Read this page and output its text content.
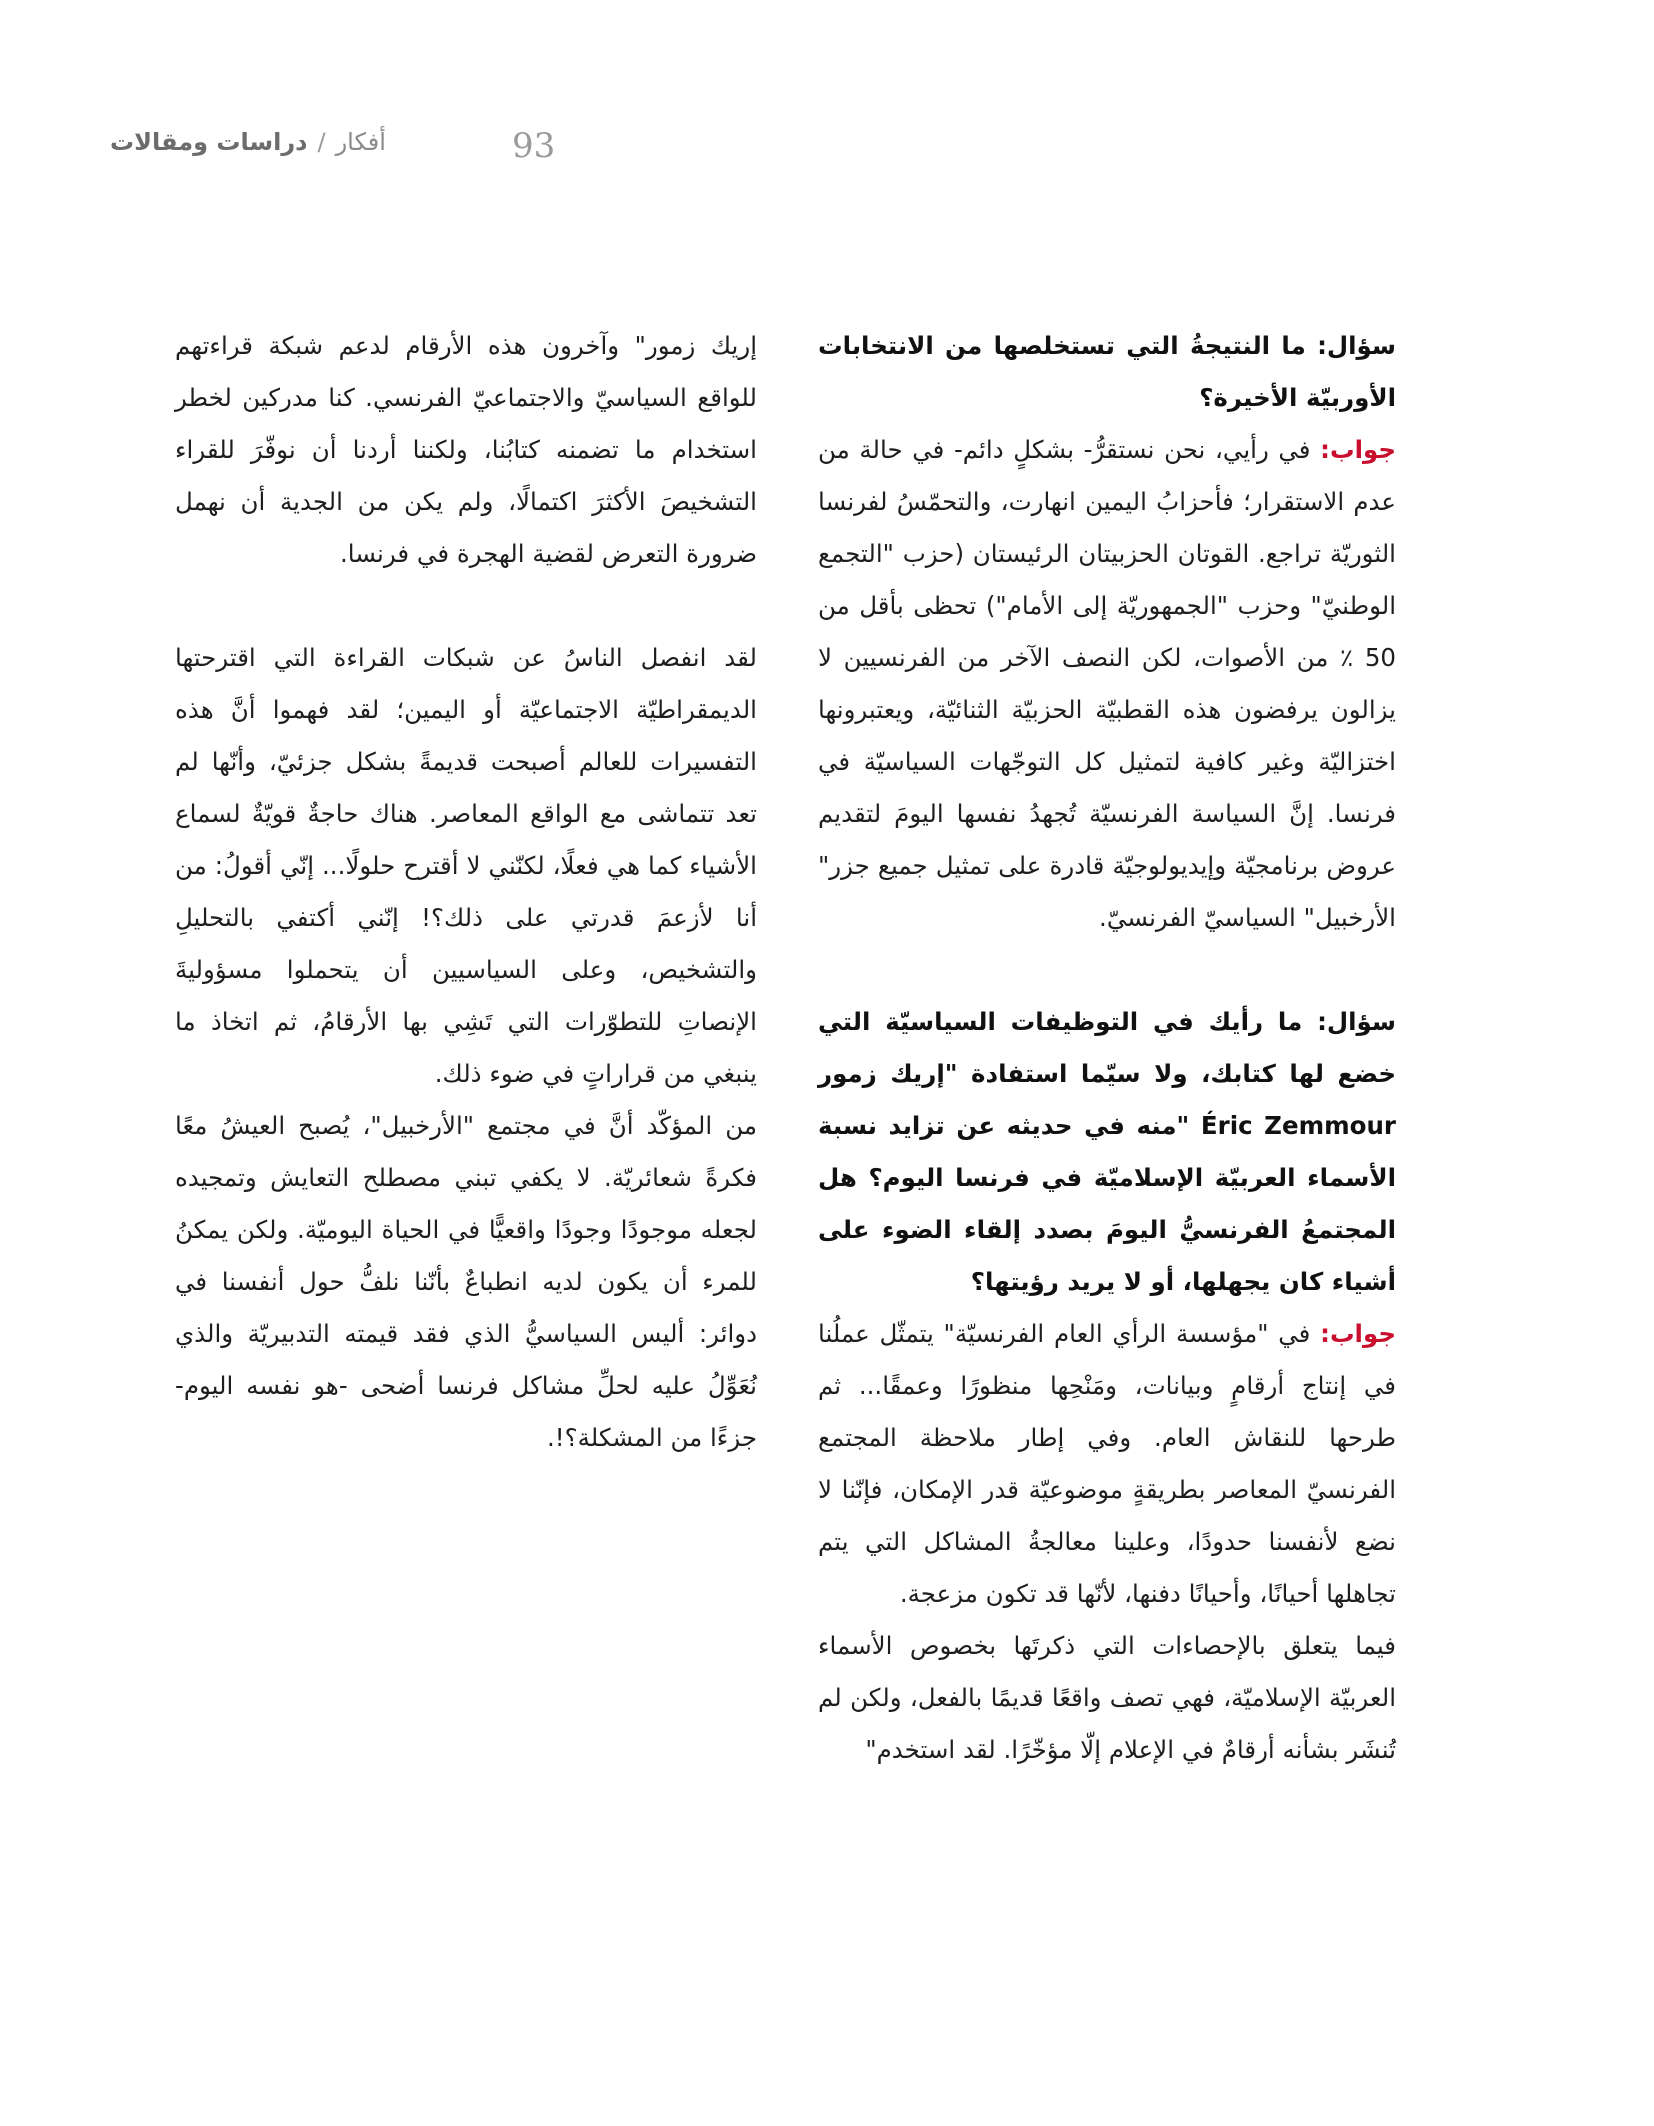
أفكار
/
دراسات ومقالات	93

سؤال: ما النتيجةُ التي تستخلصها من الانتخابات الأوربيّة الأخيرة؟

جواب: في رأيي، نحن نستقرُّ- بشكلٍ دائم- في حالة من عدم الاستقرار؛ فأحزابُ اليمين انهارت، والتحمّسُ لفرنسا الثوريّة تراجع. القوتان الحزبيتان الرئيستان (حزب "التجمع الوطنيّ" وحزب "الجمهوريّة إلى الأمام") تحظى بأقل من 50 ٪ من الأصوات، لكن النصف الآخر من الفرنسيين لا يزالون يرفضون هذه القطبيّة الحزبيّة الثنائيّة، ويعتبرونها اختزاليّة وغير كافية لتمثيل كل التوجّهات السياسيّة في فرنسا. إنَّ السياسة الفرنسيّة تُجهدُ نفسها اليومَ لتقديم عروض برنامجيّة وإيديولوجيّة قادرة على تمثيل جميع جزر" الأرخبيل" السياسيّ الفرنسيّ.

سؤال: ما رأيك في التوظيفات السياسيّة التي خضع لها كتابك، ولا سيّما استفادة "إريك زمور Éric Zemmour "منه في حديثه عن تزايد نسبة الأسماء العربيّة الإسلاميّة في فرنسا اليوم؟ هل المجتمعُ الفرنسيُّ اليومَ بصدد إلقاء الضوء على أشياء كان يجهلها، أو لا يريد رؤيتها؟

جواب: في "مؤسسة الرأي العام الفرنسيّة" يتمثّل عملُنا في إنتاج أرقامٍ وبيانات، ومَنْحِها منظورًا وعمقًا... ثم طرحها للنقاش العام. وفي إطار ملاحظة المجتمع الفرنسيّ المعاصر بطريقةٍ موضوعيّة قدر الإمكان، فإنّنا لا نضع لأنفسنا حدودًا، وعلينا معالجةُ المشاكل التي يتم تجاهلها أحيانًا، وأحيانًا دفنها، لأنّها قد تكون مزعجة.

فيما يتعلق بالإحصاءات التي ذكرتَها بخصوص الأسماء العربيّة الإسلاميّة، فهي تصف واقعًا قديمًا بالفعل، ولكن لم تُنشَر بشأنه أرقامٌ في الإعلام إلّا مؤخّرًا. لقد استخدم"

إريك زمور" وآخرون هذه الأرقام لدعم شبكة قراءتهم للواقع السياسيّ والاجتماعيّ الفرنسي. كنا مدركين لخطر استخدام ما تضمنه كتابُنا، ولكننا أردنا أن نوفّرَ للقراء التشخيصَ الأكثرَ اكتمالًا، ولم يكن من الجدية أن نهمل ضرورة التعرض لقضية الهجرة في فرنسا.

لقد انفصل الناسُ عن شبكات القراءة التي اقترحتها الديمقراطيّة الاجتماعيّة أو اليمين؛ لقد فهموا أنَّ هذه التفسيرات للعالم أصبحت قديمةً بشكل جزئيّ، وأنّها لم تعد تتماشى مع الواقع المعاصر. هناك حاجةٌ قويّةٌ لسماع الأشياء كما هي فعلًا، لكنّني لا أقترح حلولًا... إنّي أقولُ: من أنا لأزعمَ قدرتي على ذلك؟! إنّني أكتفي بالتحليلِ والتشخيص، وعلى السياسيين أن يتحملوا مسؤوليةَ الإنصاتِ للتطوّرات التي تَشِي بها الأرقامُ، ثم اتخاذ ما ينبغي من قراراتٍ في ضوء ذلك.

من المؤكّد أنَّ في مجتمع "الأرخبيل"، يُصبح العيشُ معًا فكرةً شعائريّة. لا يكفي تبني مصطلح التعايش وتمجيده لجعله موجودًا وجودًا واقعيًّا في الحياة اليوميّة. ولكن يمكنُ للمرء أن يكون لديه انطباعٌ بأنّنا نلفُّ حول أنفسنا في دوائر: أليس السياسيُّ الذي فقد قيمته التدبيريّة والذي نُعَوِّلُ عليه لحلِّ مشاكل فرنسا أضحى -هو نفسه اليوم- جزءًا من المشكلة؟!.
